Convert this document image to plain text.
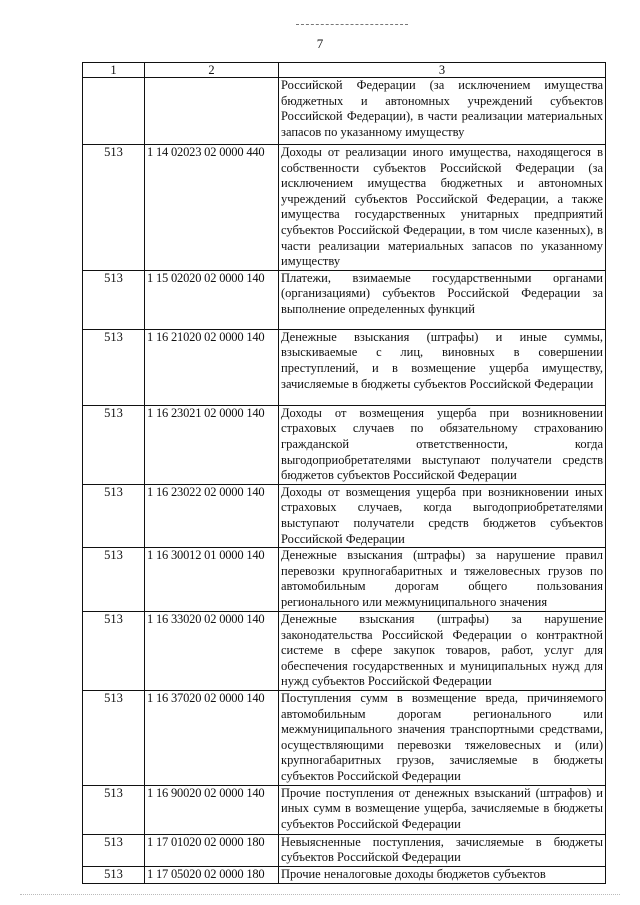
7
1	2	3
		Российской Федерации (за исключением имущества бюджетных и автономных учреждений субъектов Российской Федерации), в части реализации материальных запасов по указанному имуществу
513	1 14 02023 02 0000 440	Доходы от реализации иного имущества, находящегося в собственности субъектов Российской Федерации (за исключением имущества бюджетных и автономных учреждений субъектов Российской Федерации, а также имущества государственных унитарных предприятий субъектов Российской Федерации, в том числе казенных), в части реализации материальных запасов по указанному имуществу
513	1 15 02020 02 0000 140	Платежи, взимаемые государственными органами (организациями) субъектов Российской Федерации за выполнение определенных функций
513	1 16 21020 02 0000 140	Денежные взыскания (штрафы) и иные суммы, взыскиваемые с лиц, виновных в совершении преступлений, и в возмещение ущерба имуществу, зачисляемые в бюджеты субъектов Российской Федерации
513	1 16 23021 02 0000 140	Доходы от возмещения ущерба при возникновении страховых случаев по обязательному страхованию гражданской ответственности, когда выгодоприобретателями выступают получатели средств бюджетов субъектов Российской Федерации
513	1 16 23022 02 0000 140	Доходы от возмещения ущерба при возникновении иных страховых случаев, когда выгодоприобретателями выступают получатели средств бюджетов субъектов Российской Федерации
513	1 16 30012 01 0000 140	Денежные взыскания (штрафы) за нарушение правил перевозки крупногабаритных и тяжеловесных грузов по автомобильным дорогам общего пользования регионального или межмуниципального значения
513	1 16 33020 02 0000 140	Денежные взыскания (штрафы) за нарушение законодательства Российской Федерации о контрактной системе в сфере закупок товаров, работ, услуг для обеспечения государственных и муниципальных нужд для нужд субъектов Российской Федерации
513	1 16 37020 02 0000 140	Поступления сумм в возмещение вреда, причиняемого автомобильным дорогам регионального или межмуниципального значения транспортными средствами, осуществляющими перевозки тяжеловесных и (или) крупногабаритных грузов, зачисляемые в бюджеты субъектов Российской Федерации
513	1 16 90020 02 0000 140	Прочие поступления от денежных взысканий (штрафов) и иных сумм в возмещение ущерба, зачисляемые в бюджеты субъектов Российской Федерации
513	1 17 01020 02 0000 180	Невыясненные поступления, зачисляемые в бюджеты субъектов Российской Федерации
513	1 17 05020 02 0000 180	Прочие неналоговые доходы бюджетов субъектов
